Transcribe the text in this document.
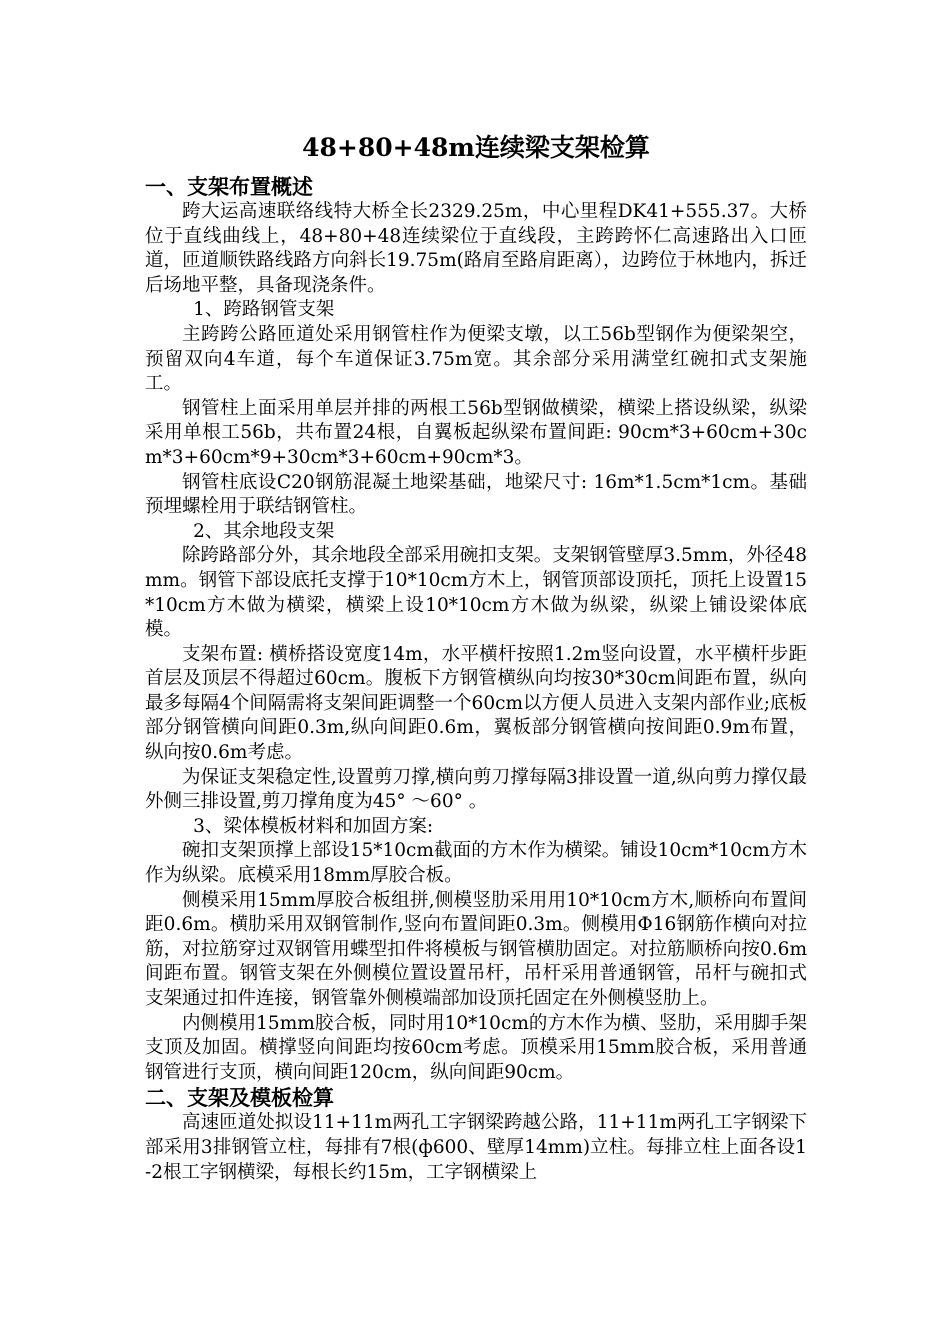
48+80+48m连续梁支架检算
一、支架布置概述

跨大运高速联络线特大桥全长2329.25m，中心里程DK41+555.37。大桥位于直线曲线上，48+80+48连续梁位于直线段，主跨跨怀仁高速路出入口匝道，匝道顺铁路线路方向斜长19.75m(路肩至路肩距离），边跨位于林地内，拆迁后场地平整，具备现浇条件。

1、跨路钢管支架

主跨跨公路匝道处采用钢管柱作为便梁支墩，以工56b型钢作为便梁架空，预留双向4车道，每个车道保证3.75m宽。其余部分采用满堂红碗扣式支架施工。

钢管柱上面采用单层并排的两根工56b型钢做横梁，横梁上搭设纵梁，纵梁采用单根工56b，共布置24根，自翼板起纵梁布置间距: 90cm*3+60cm+30cm*3+60cm*9+30cm*3+60cm+90cm*3。

钢管柱底设C20钢筋混凝土地梁基础，地梁尺寸: 16m*1.5cm*1cm。基础预埋螺栓用于联结钢管柱。

2、其余地段支架

除跨路部分外，其余地段全部采用碗扣支架。支架钢管壁厚3.5mm，外径48mm。钢管下部设底托支撑于10*10cm方木上，钢管顶部设顶托，顶托上设置15*10cm方木做为横梁，横梁上设10*10cm方木做为纵梁，纵梁上铺设梁体底模。

支架布置: 横桥搭设宽度14m，水平横杆按照1.2m竖向设置，水平横杆步距首层及顶层不得超过60cm。腹板下方钢管横纵向均按30*30cm间距布置，纵向最多每隔4个间隔需将支架间距调整一个60cm以方便人员进入支架内部作业;底板部分钢管横向间距0.3m,纵向间距0.6m，翼板部分钢管横向按间距0.9m布置，纵向按0.6m考虑。

为保证支架稳定性,设置剪刀撑,横向剪刀撑每隔3排设置一道,纵向剪力撑仅最外侧三排设置,剪刀撑角度为45° ～60° 。

3、梁体模板材料和加固方案:

碗扣支架顶撑上部设15*10cm截面的方木作为横梁。铺设10cm*10cm方木作为纵梁。底模采用18mm厚胶合板。

侧模采用15mm厚胶合板组拼,侧模竖肋采用用10*10cm方木,顺桥向布置间距0.6m。横肋采用双钢管制作,竖向布置间距0.3m。侧模用Φ16钢筋作横向对拉筋，对拉筋穿过双钢管用蝶型扣件将模板与钢管横肋固定。对拉筋顺桥向按0.6m间距布置。钢管支架在外侧模位置设置吊杆，吊杆采用普通钢管，吊杆与碗扣式支架通过扣件连接，钢管靠外侧模端部加设顶托固定在外侧模竖肋上。

内侧模用15mm胶合板，同时用10*10cm的方木作为横、竖肋，采用脚手架支顶及加固。横撑竖向间距均按60cm考虑。顶模采用15mm胶合板，采用普通钢管进行支顶，横向间距120cm，纵向间距90cm。

二、支架及模板检算

高速匝道处拟设11+11m两孔工字钢梁跨越公路，11+11m两孔工字钢梁下部采用3排钢管立柱，每排有7根(ф600、壁厚14mm)立柱。每排立柱上面各设1-2根工字钢横梁，每根长约15m，工字钢横梁上
